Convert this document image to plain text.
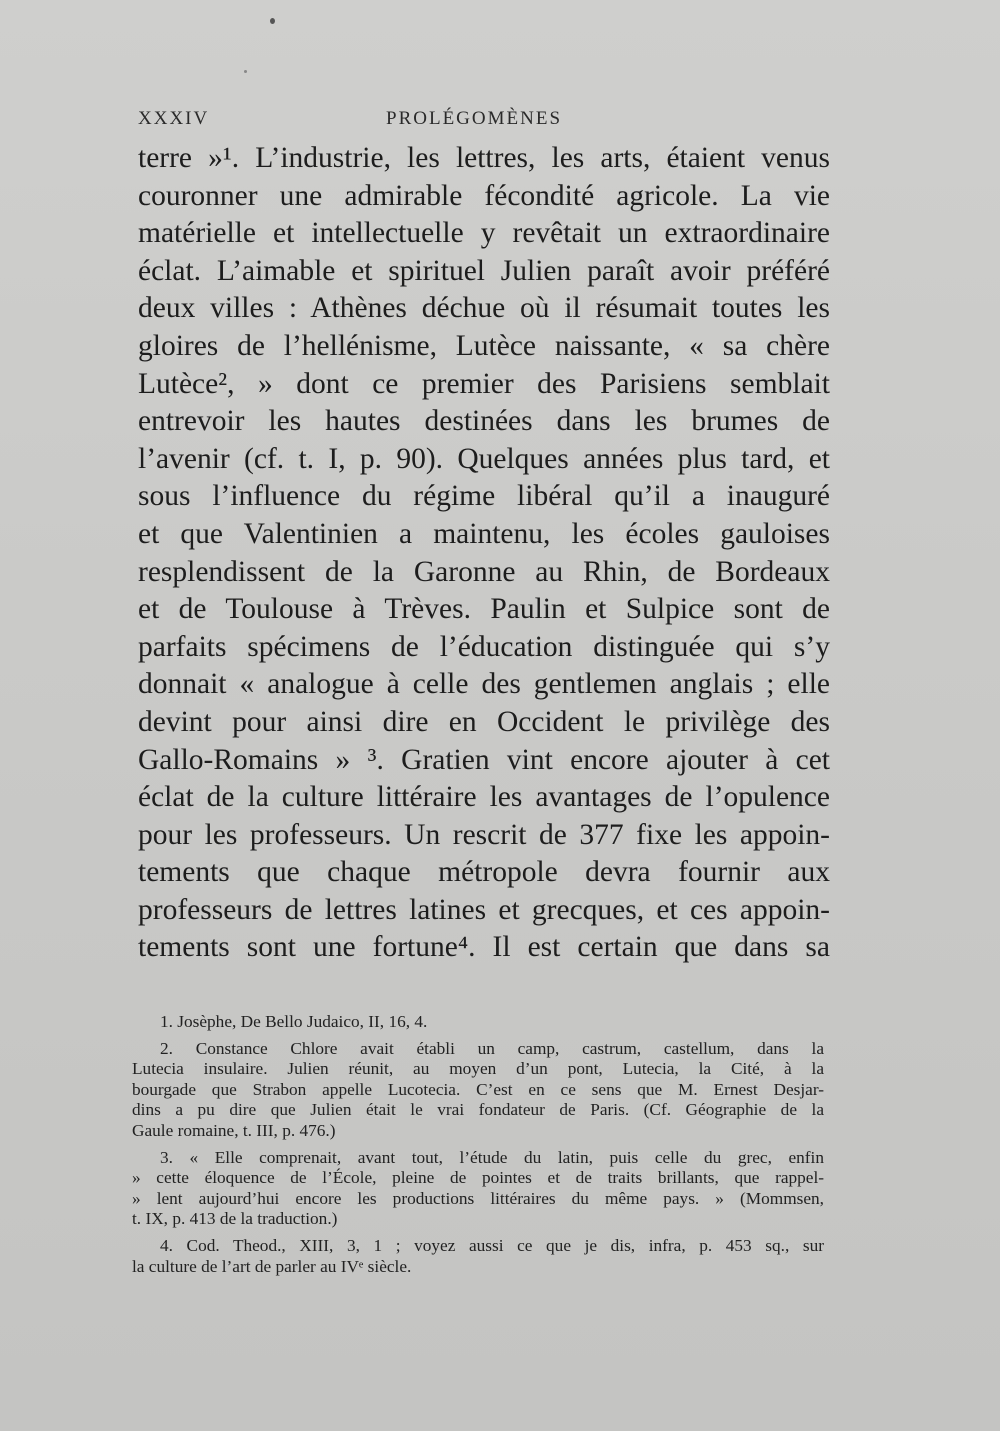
XXXIV	PROLÉGOMÈNES
terre »¹. L’industrie, les lettres, les arts, étaient venus
couronner une admirable fécondité agricole. La vie
matérielle et intellectuelle y revêtait un extraordinaire
éclat. L’aimable et spirituel Julien paraît avoir préféré
deux villes : Athènes déchue où il résumait toutes les
gloires de l’hellénisme, Lutèce naissante, « sa chère
Lutèce², » dont ce premier des Parisiens semblait
entrevoir les hautes destinées dans les brumes de
l’avenir (cf. t. I, p. 90). Quelques années plus tard, et
sous l’influence du régime libéral qu’il a inauguré
et que Valentinien a maintenu, les écoles gauloises
resplendissent de la Garonne au Rhin, de Bordeaux
et de Toulouse à Trèves. Paulin et Sulpice sont de
parfaits spécimens de l’éducation distinguée qui s’y
donnait « analogue à celle des gentlemen anglais ; elle
devint pour ainsi dire en Occident le privilège des
Gallo-Romains » ³. Gratien vint encore ajouter à cet
éclat de la culture littéraire les avantages de l’opulence
pour les professeurs. Un rescrit de 377 fixe les appoin-
tements que chaque métropole devra fournir aux
professeurs de lettres latines et grecques, et ces appoin-
tements sont une fortune⁴. Il est certain que dans sa
1. Josèphe, De Bello Judaico, II, 16, 4.
2. Constance Chlore avait établi un camp, castrum, castellum, dans la
Lutecia insulaire. Julien réunit, au moyen d’un pont, Lutecia, la Cité, à la
bourgade que Strabon appelle Lucotecia. C’est en ce sens que M. Ernest Desjar-
dins a pu dire que Julien était le vrai fondateur de Paris. (Cf. Géographie de la
Gaule romaine, t. III, p. 476.)
3. « Elle comprenait, avant tout, l’étude du latin, puis celle du grec, enfin
» cette éloquence de l’École, pleine de pointes et de traits brillants, que rappel-
» lent aujourd’hui encore les productions littéraires du même pays. » (Mommsen,
t. IX, p. 413 de la traduction.)
4. Cod. Theod., XIII, 3, 1 ; voyez aussi ce que je dis, infra, p. 453 sq., sur
la culture de l’art de parler au IVᵉ siècle.
